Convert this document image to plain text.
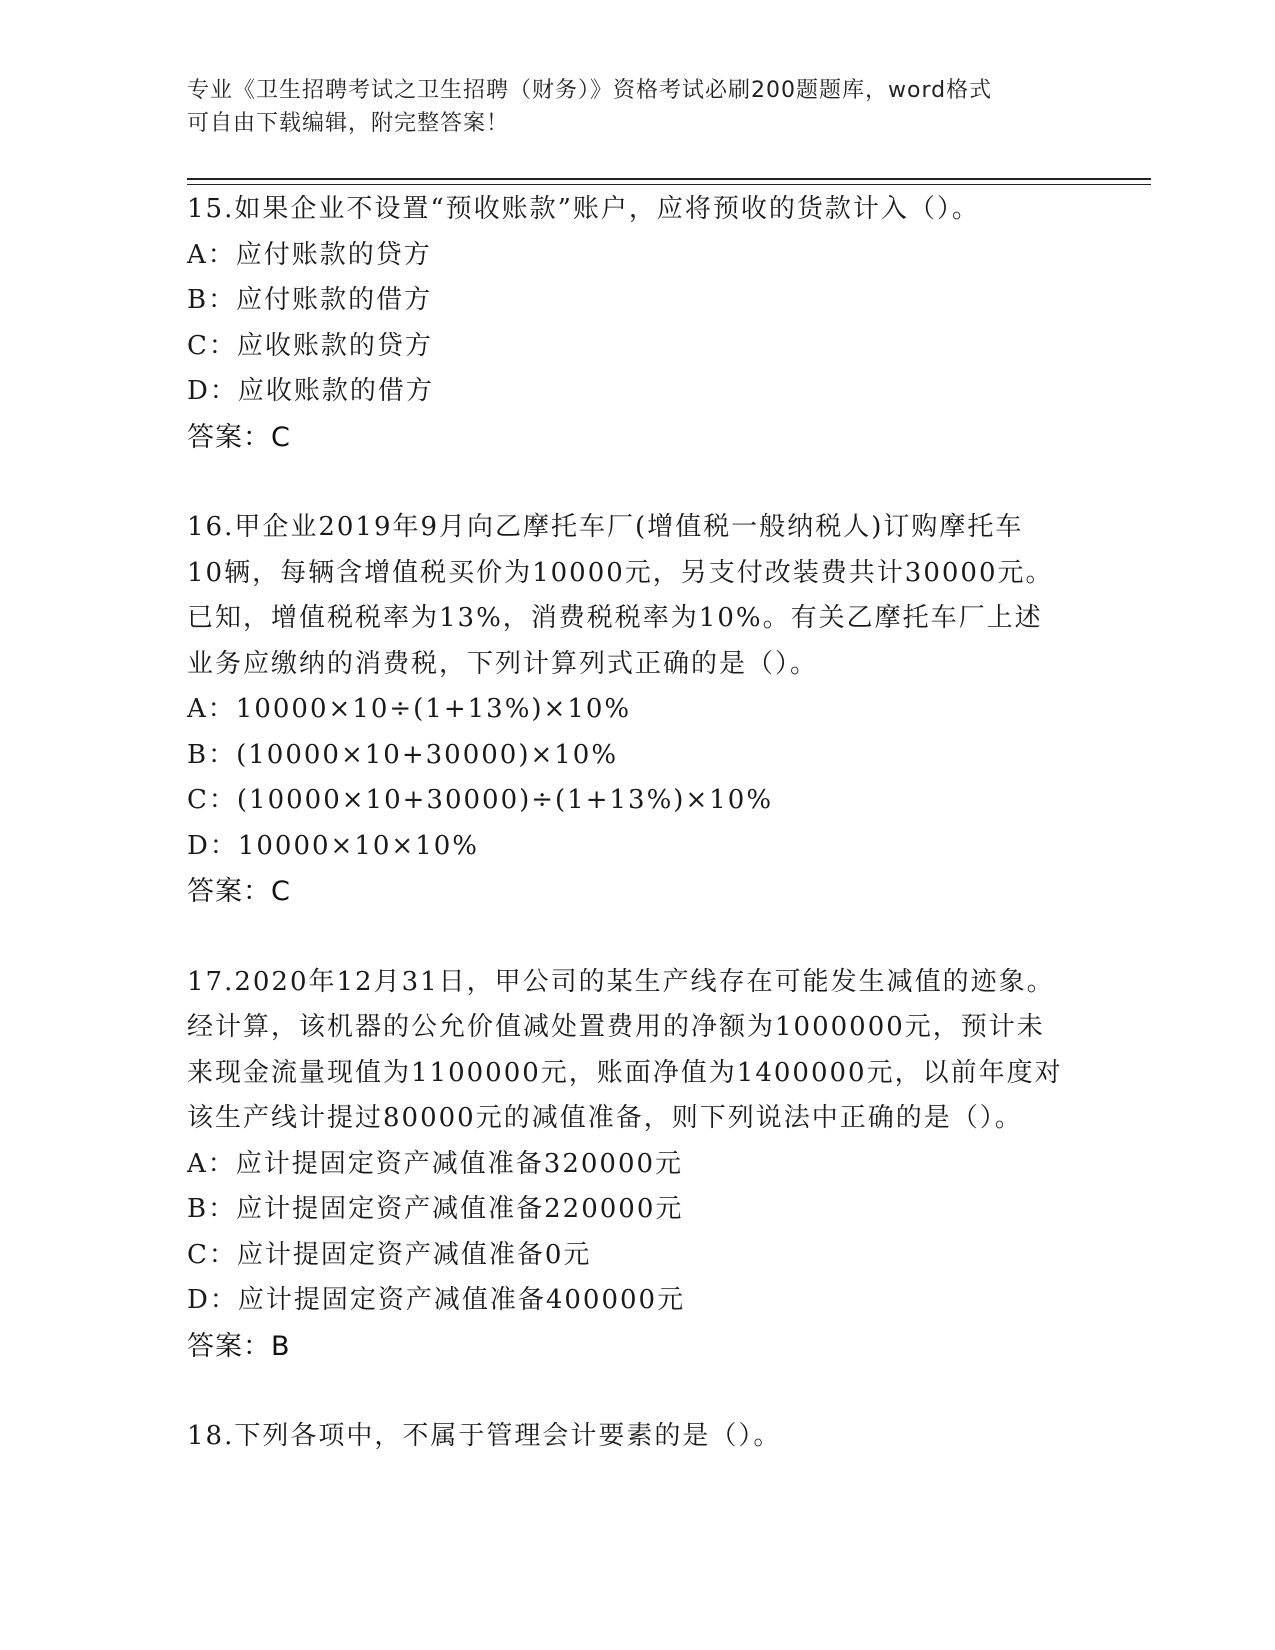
专业《卫生招聘考试之卫生招聘（财务）》资格考试必刷200题题库，word格式
可自由下载编辑，附完整答案！
15.如果企业不设置“预收账款”账户，应将预收的货款计入（）。
A：应付账款的贷方
B：应付账款的借方
C：应收账款的贷方
D：应收账款的借方
答案：C
16.甲企业2019年9月向乙摩托车厂(增值税一般纳税人)订购摩托车
10辆，每辆含增值税买价为10000元，另支付改装费共计30000元。
已知，增值税税率为13%，消费税税率为10%。有关乙摩托车厂上述
业务应缴纳的消费税，下列计算列式正确的是（）。
A：10000×10÷(1+13%)×10%
B：(10000×10+30000)×10%
C：(10000×10+30000)÷(1+13%)×10%
D：10000×10×10%
答案：C
17.2020年12月31日，甲公司的某生产线存在可能发生减值的迹象。
经计算，该机器的公允价值减处置费用的净额为1000000元，预计未
来现金流量现值为1100000元，账面净值为1400000元，以前年度对
该生产线计提过80000元的减值准备，则下列说法中正确的是（）。
A：应计提固定资产减值准备320000元
B：应计提固定资产减值准备220000元
C：应计提固定资产减值准备0元
D：应计提固定资产减值准备400000元
答案：B
18.下列各项中，不属于管理会计要素的是（）。
